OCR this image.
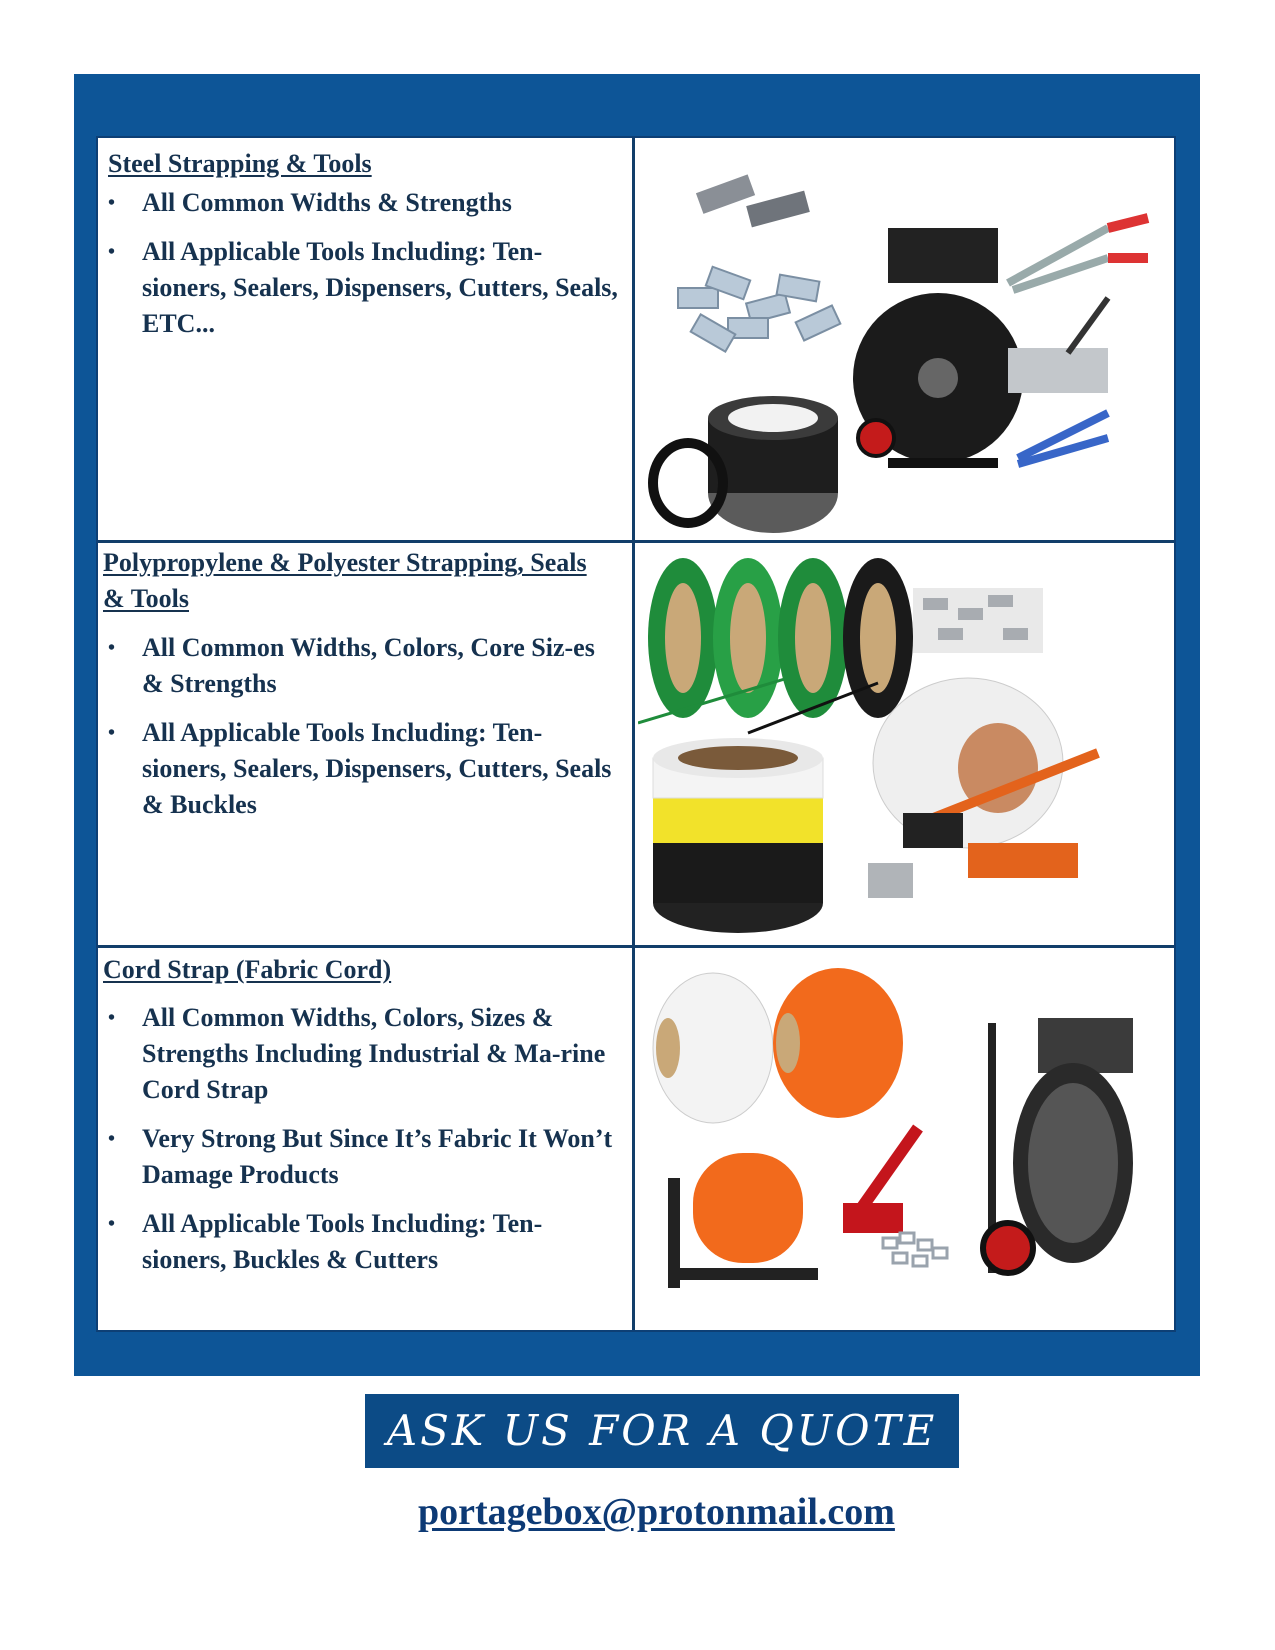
Steel Strapping & Tools
• All Common Widths & Strengths
• All Applicable Tools Including: Ten-sioners, Sealers, Dispensers, Cutters, Seals, ETC...
Polypropylene & Polyester Strapping, Seals & Tools
• All Common Widths, Colors, Core Siz-es & Strengths
• All Applicable Tools Including: Ten-sioners, Sealers, Dispensers, Cutters, Seals & Buckles
Cord Strap (Fabric Cord)
• All Common Widths, Colors, Sizes & Strengths Including Industrial & Ma-rine Cord Strap
• Very Strong But Since It’s Fabric It Won’t Damage Products
• All Applicable Tools Including: Ten-sioners, Buckles & Cutters
ASK US FOR A QUOTE
portagebox@protonmail.com
